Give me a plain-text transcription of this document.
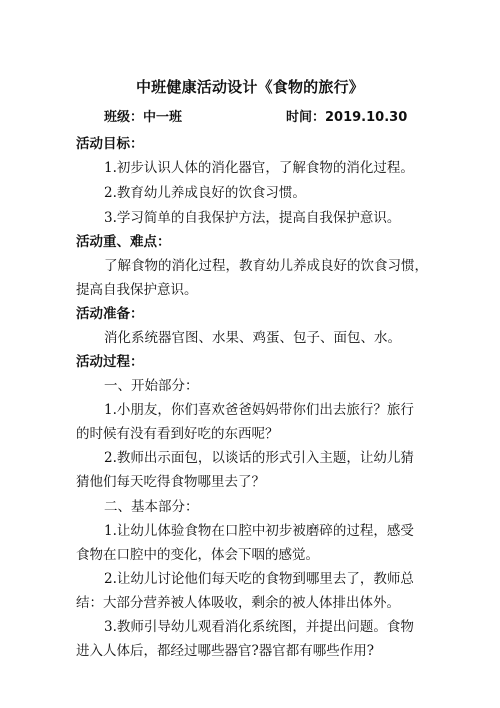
中班健康活动设计《食物的旅行》
班级：中一班	时间：2019.10.30
活动目标：
1.初步认识人体的消化器官，了解食物的消化过程。
2.教育幼儿养成良好的饮食习惯。
3.学习简单的自我保护方法，提高自我保护意识。
活动重、难点：
了解食物的消化过程，教育幼儿养成良好的饮食习惯，
提高自我保护意识。
活动准备：
消化系统器官图、水果、鸡蛋、包子、面包、水。
活动过程：
一、开始部分：
1.小朋友，你们喜欢爸爸妈妈带你们出去旅行？旅行
的时候有没有看到好吃的东西呢？
2.教师出示面包，以谈话的形式引入主题，让幼儿猜
猜他们每天吃得食物哪里去了？
二、基本部分：
1.让幼儿体验食物在口腔中初步被磨碎的过程，感受
食物在口腔中的变化，体会下咽的感觉。
2.让幼儿讨论他们每天吃的食物到哪里去了，教师总
结：大部分营养被人体吸收，剩余的被人体排出体外。
3.教师引导幼儿观看消化系统图，并提出问题。食物
进入人体后，都经过哪些器官?器官都有哪些作用?
